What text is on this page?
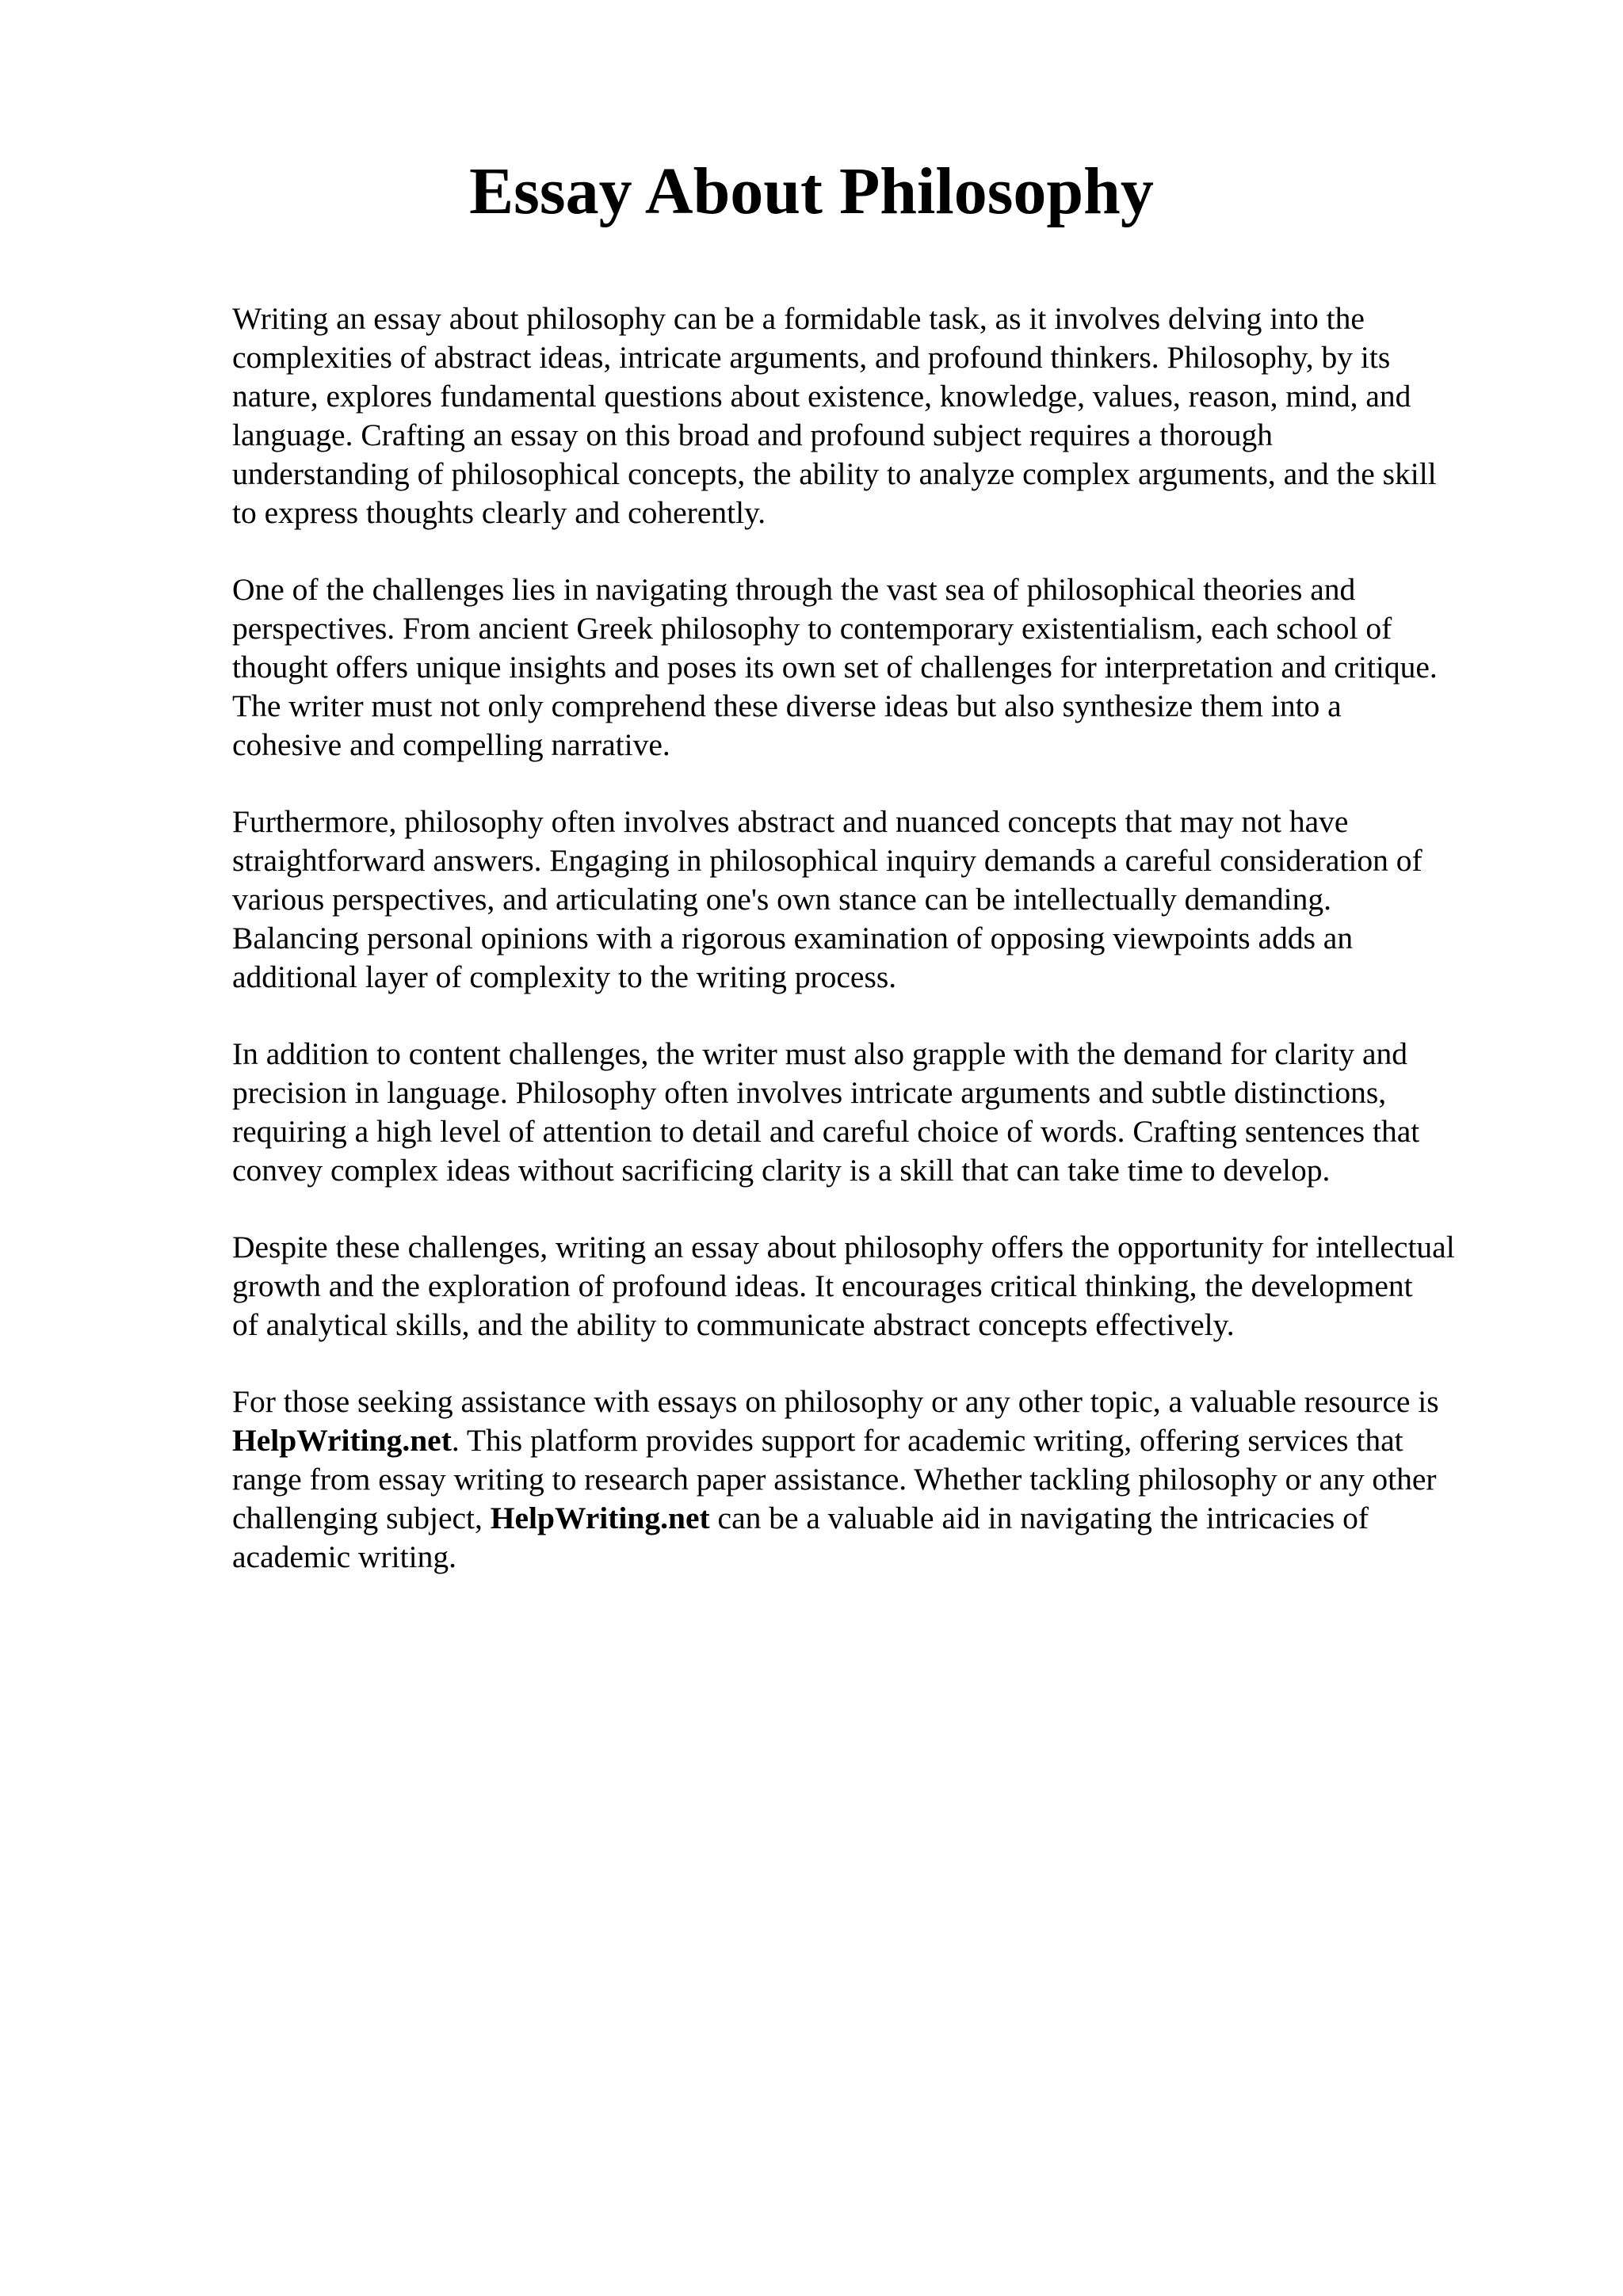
Essay About Philosophy

Writing an essay about philosophy can be a formidable task, as it involves delving into the
complexities of abstract ideas, intricate arguments, and profound thinkers. Philosophy, by its
nature, explores fundamental questions about existence, knowledge, values, reason, mind, and
language. Crafting an essay on this broad and profound subject requires a thorough
understanding of philosophical concepts, the ability to analyze complex arguments, and the skill
to express thoughts clearly and coherently.

One of the challenges lies in navigating through the vast sea of philosophical theories and
perspectives. From ancient Greek philosophy to contemporary existentialism, each school of
thought offers unique insights and poses its own set of challenges for interpretation and critique.
The writer must not only comprehend these diverse ideas but also synthesize them into a
cohesive and compelling narrative.

Furthermore, philosophy often involves abstract and nuanced concepts that may not have
straightforward answers. Engaging in philosophical inquiry demands a careful consideration of
various perspectives, and articulating one's own stance can be intellectually demanding.
Balancing personal opinions with a rigorous examination of opposing viewpoints adds an
additional layer of complexity to the writing process.

In addition to content challenges, the writer must also grapple with the demand for clarity and
precision in language. Philosophy often involves intricate arguments and subtle distinctions,
requiring a high level of attention to detail and careful choice of words. Crafting sentences that
convey complex ideas without sacrificing clarity is a skill that can take time to develop.

Despite these challenges, writing an essay about philosophy offers the opportunity for intellectual
growth and the exploration of profound ideas. It encourages critical thinking, the development
of analytical skills, and the ability to communicate abstract concepts effectively.

For those seeking assistance with essays on philosophy or any other topic, a valuable resource is
HelpWriting.net. This platform provides support for academic writing, offering services that
range from essay writing to research paper assistance. Whether tackling philosophy or any other
challenging subject, HelpWriting.net can be a valuable aid in navigating the intricacies of
academic writing.
